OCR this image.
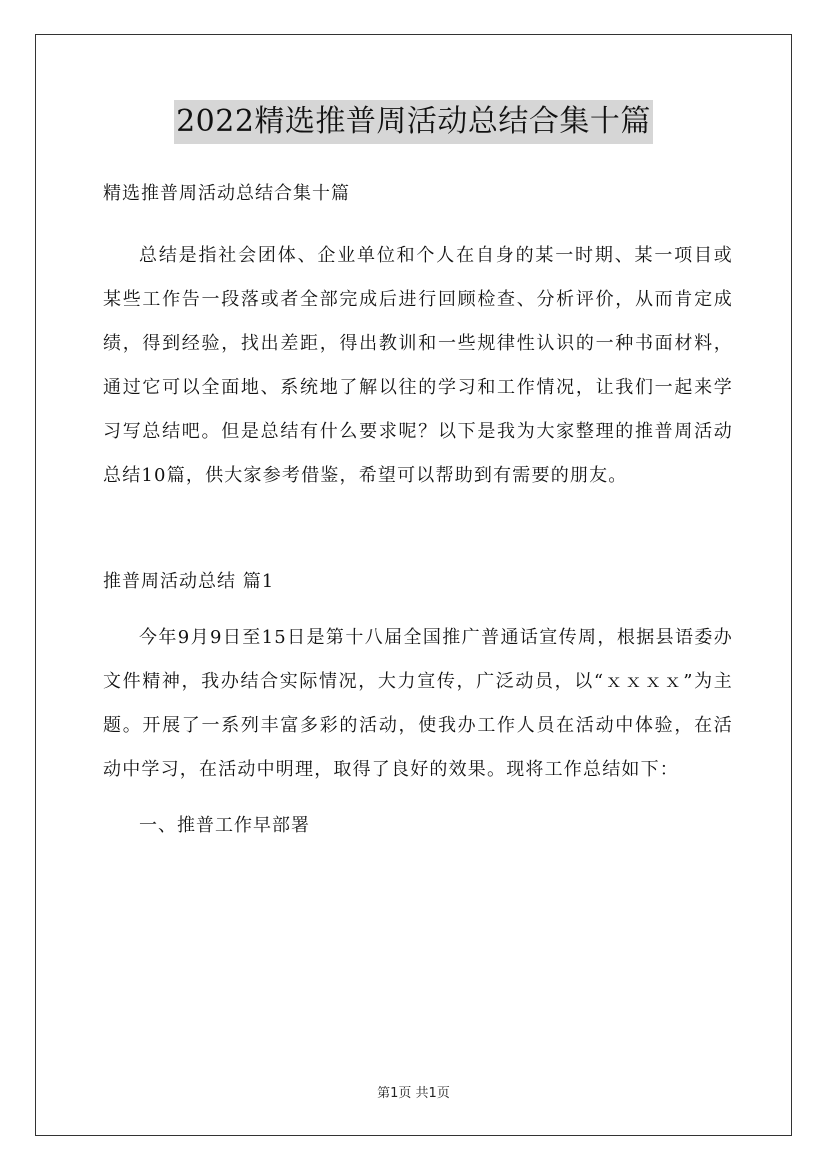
2022精选推普周活动总结合集十篇
精选推普周活动总结合集十篇

总结是指社会团体、企业单位和个人在自身的某一时期、某一项目或某些工作告一段落或者全部完成后进行回顾检查、分析评价，从而肯定成绩，得到经验，找出差距，得出教训和一些规律性认识的一种书面材料，通过它可以全面地、系统地了解以往的学习和工作情况，让我们一起来学习写总结吧。但是总结有什么要求呢？以下是我为大家整理的推普周活动总结10篇，供大家参考借鉴，希望可以帮助到有需要的朋友。

推普周活动总结 篇1

今年9月9日至15日是第十八届全国推广普通话宣传周，根据县语委办文件精神，我办结合实际情况，大力宣传，广泛动员，以“ｘｘｘｘ”为主题。开展了一系列丰富多彩的活动，使我办工作人员在活动中体验，在活动中学习，在活动中明理，取得了良好的效果。现将工作总结如下：

一、推普工作早部署
第1页 共1页
